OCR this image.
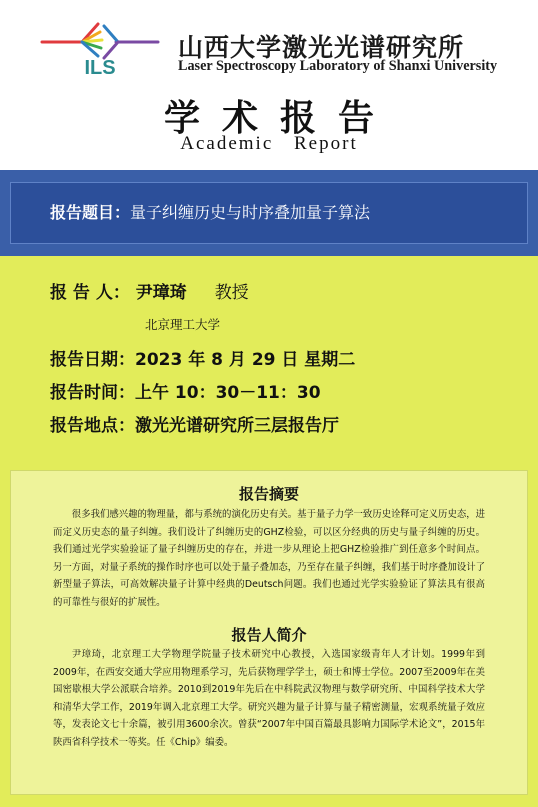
ILS
山西大学激光光谱研究所
Laser Spectroscopy Laboratory of Shanxi University
学术报告
Academic Report
报告题目：量子纠缠历史与时序叠加量子算法
报 告 人： 尹璋琦 教授
北京理工大学
报告日期：2023 年 8 月 29 日 星期二
报告时间：上午 10：30－11：30
报告地点：激光光谱研究所三层报告厅
报告摘要
很多我们感兴趣的物理量，都与系统的演化历史有关。基于量子力学一致历史诠释可定义历史态，进而定义历史态的量子纠缠。我们设计了纠缠历史的GHZ检验，可以区分经典的历史与量子纠缠的历史。我们通过光学实验验证了量子纠缠历史的存在，并进一步从理论上把GHZ检验推广到任意多个时间点。另一方面，对量子系统的操作时序也可以处于量子叠加态，乃至存在量子纠缠，我们基于时序叠加设计了新型量子算法，可高效解决量子计算中经典的Deutsch问题。我们也通过光学实验验证了算法具有很高的可靠性与很好的扩展性。
报告人简介
尹璋琦，北京理工大学物理学院量子技术研究中心教授，入选国家级青年人才计划。1999年到2009年，在西安交通大学应用物理系学习，先后获物理学学士，硕士和博士学位。2007至2009年在美国密歇根大学公派联合培养。2010到2019年先后在中科院武汉物理与数学研究所、中国科学技术大学和清华大学工作，2019年调入北京理工大学。研究兴趣为量子计算与量子精密测量，宏观系统量子效应等，发表论文七十余篇，被引用3600余次。曾获“2007年中国百篇最具影响力国际学术论文”，2015年陕西省科学技术一等奖。任《Chip》编委。
